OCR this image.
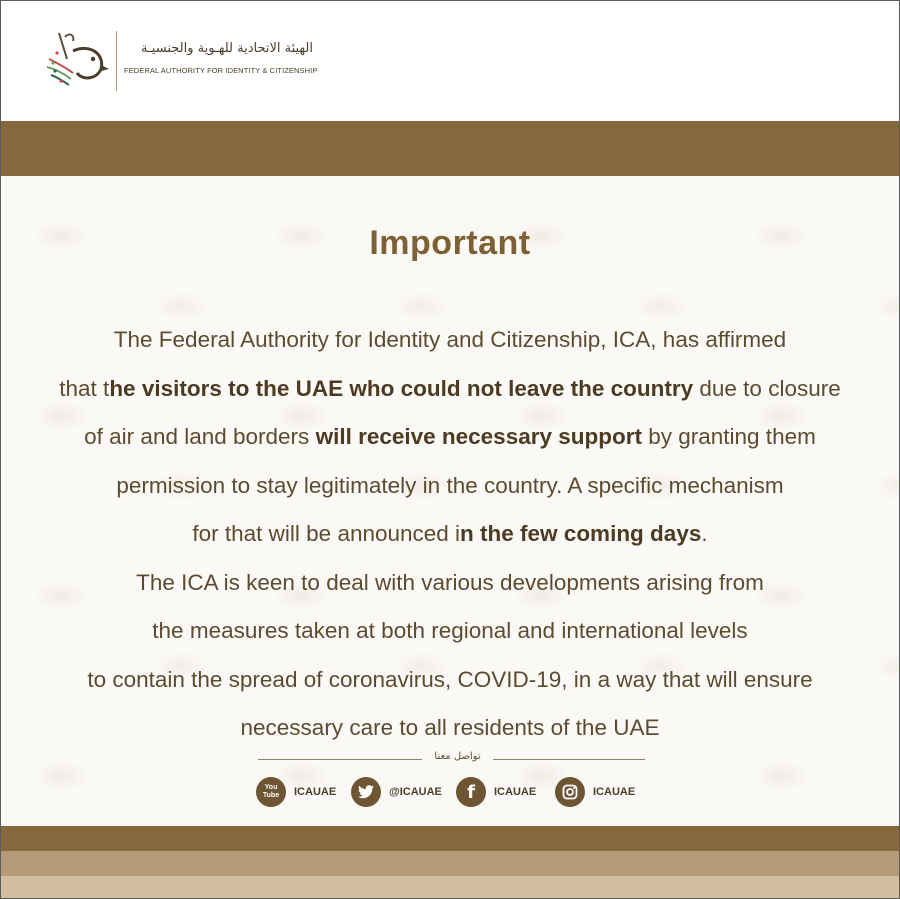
الهيئة الاتحادية للهـوية والجنسيـة
FEDERAL AUTHORITY FOR IDENTITY & CITIZENSHIP
Important
The Federal Authority for Identity and Citizenship, ICA, has affirmed
that the visitors to the UAE who could not leave the country due to closure
of air and land borders will receive necessary support by granting them
permission to stay legitimately in the country. A specific mechanism
for that will be announced in the few coming days.
The ICA is keen to deal with various developments arising from
the measures taken at both regional and international levels
to contain the spread of coronavirus, COVID-19, in a way that will ensure
necessary care to all residents of the UAE
تواصل معنا
You
Tube ICAUAE	@ICAUAE f ICAUAE	ICAUAE
